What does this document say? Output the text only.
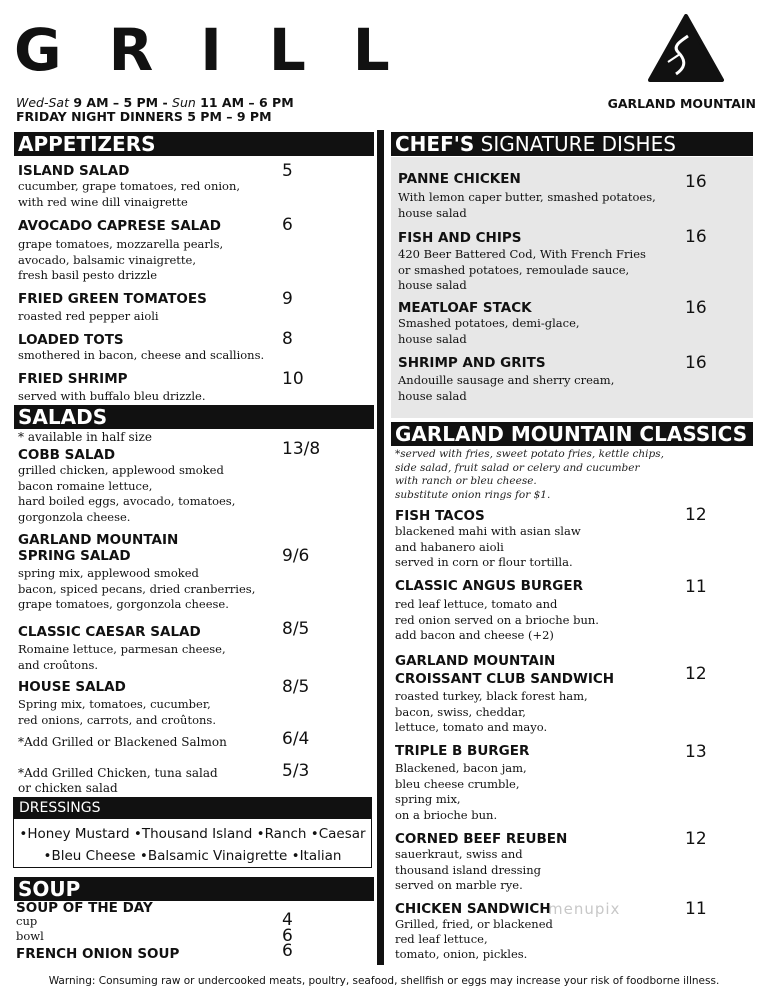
GRILL
Wed-Sat 9 AM – 5 PM - Sun 11 AM – 6 PM
FRIDAY NIGHT DINNERS 5 PM – 9 PM
GARLAND MOUNTAIN
APPETIZERS
ISLAND SALAD
cucumber, grape tomatoes, red onion,
with red wine dill vinaigrette
5
AVOCADO CAPRESE SALAD
grape tomatoes, mozzarella pearls,
avocado, balsamic vinaigrette,
fresh basil pesto drizzle
6
FRIED GREEN TOMATOES
roasted red pepper aioli
9
LOADED TOTS
smothered in bacon, cheese and scallions.
8
FRIED SHRIMP
served with buffalo bleu drizzle.
10
SALADS
* available in half size
COBB SALAD
grilled chicken, applewood smoked
bacon romaine lettuce,
hard boiled eggs, avocado, tomatoes,
gorgonzola cheese.
13/8
GARLAND MOUNTAIN
SPRING SALAD
spring mix, applewood smoked
bacon, spiced pecans, dried cranberries,
grape tomatoes, gorgonzola cheese.
9/6
CLASSIC CAESAR SALAD
Romaine lettuce, parmesan cheese,
and croûtons.
8/5
HOUSE SALAD
Spring mix, tomatoes, cucumber,
red onions, carrots, and croûtons.
8/5
*Add Grilled or Blackened Salmon	6/4
*Add Grilled Chicken, tuna salad
or chicken salad
5/3
DRESSINGS
•Honey Mustard •Thousand Island •Ranch •Caesar
•Bleu Cheese •Balsamic Vinaigrette •Italian
SOUP
SOUP OF THE DAY
cup	4
bowl	6
FRENCH ONION SOUP	6
CHEF'S SIGNATURE DISHES
PANNE CHICKEN
With lemon caper butter, smashed potatoes,
house salad
16
FISH AND CHIPS
420 Beer Battered Cod, With French Fries
or smashed potatoes, remoulade sauce,
house salad
16
MEATLOAF STACK
Smashed potatoes, demi-glace,
house salad
16
SHRIMP AND GRITS
Andouille sausage and sherry cream,
house salad
16
GARLAND MOUNTAIN CLASSICS
*served with fries, sweet potato fries, kettle chips,
side salad, fruit salad or celery and cucumber
with ranch or bleu cheese.
substitute onion rings for $1.
FISH TACOS
blackened mahi with asian slaw
and habanero aioli
served in corn or flour tortilla.
12
CLASSIC ANGUS BURGER
red leaf lettuce, tomato and
red onion served on a brioche bun.
add bacon and cheese (+2)
11
GARLAND MOUNTAIN
CROISSANT CLUB SANDWICH
roasted turkey, black forest ham,
bacon, swiss, cheddar,
lettuce, tomato and mayo.
12
TRIPLE B BURGER
Blackened, bacon jam,
bleu cheese crumble,
spring mix,
on a brioche bun.
13
CORNED BEEF REUBEN
sauerkraut, swiss and
thousand island dressing
served on marble rye.
12
CHICKEN SANDWICH
Grilled, fried, or blackened
red leaf lettuce,
tomato, onion, pickles.
11
menupix
Warning: Consuming raw or undercooked meats, poultry, seafood, shellfish or eggs may increase your risk of foodborne illness.
